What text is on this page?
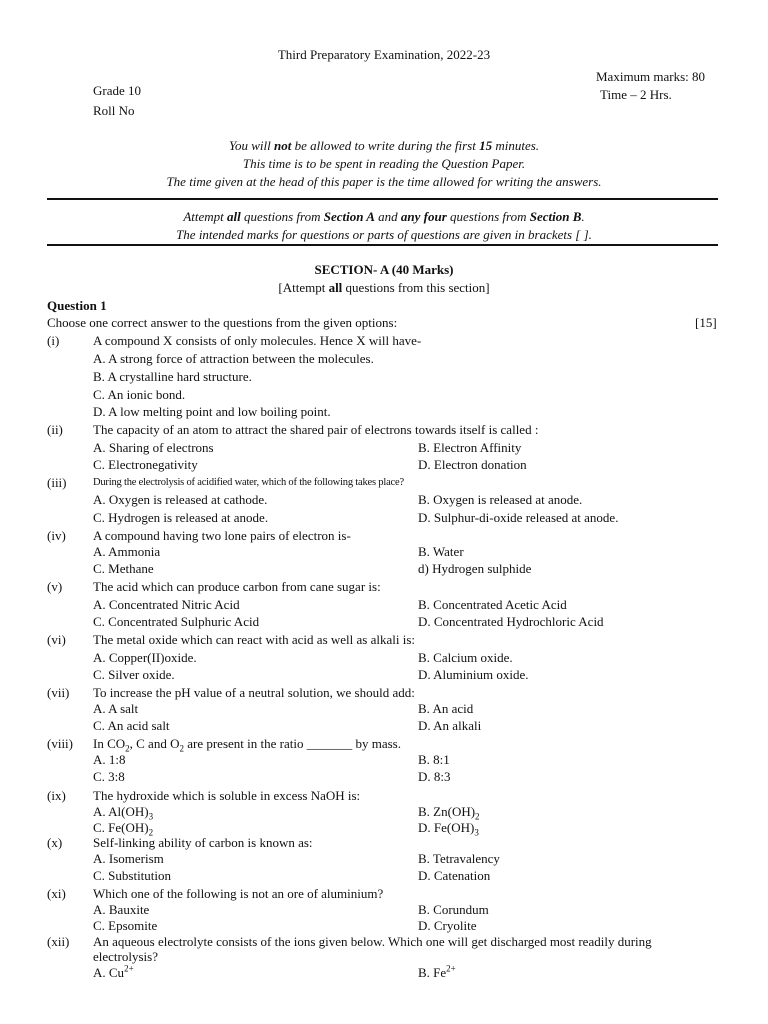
Third Preparatory Examination, 2022-23
Maximum marks: 80
Grade 10	Time – 2 Hrs.
Roll No
You will not be allowed to write during the first 15 minutes.
This time is to be spent in reading the Question Paper.
The time given at the head of this paper is the time allowed for writing the answers.
Attempt all questions from Section A and any four questions from Section B.
The intended marks for questions or parts of questions are given in brackets [ ].
SECTION- A (40 Marks)
[Attempt all questions from this section]
Question 1
Choose one correct answer to the questions from the given options:	[15]
(i)	A compound X consists of only molecules. Hence X will have-
A. A strong force of attraction between the molecules.
B. A crystalline hard structure.
C. An ionic bond.
D. A low melting point and low boiling point.
(ii) The capacity of an atom to attract the shared pair of electrons towards itself is called :
A. Sharing of electrons	B. Electron Affinity
C. Electronegativity	D. Electron donation
(iii)	During the electrolysis of acidified water, which of the following takes place?
A. Oxygen is released at cathode.	B. Oxygen is released at anode.
C. Hydrogen is released at anode.	D. Sulphur-di-oxide released at anode.
(iv) A compound having two lone pairs of electron is-
A. Ammonia	B. Water
C. Methane	d) Hydrogen sulphide
(v) The acid which can produce carbon from cane sugar is:
A. Concentrated Nitric Acid	B. Concentrated Acetic Acid
C. Concentrated Sulphuric Acid	D. Concentrated Hydrochloric Acid
(vi) The metal oxide which can react with acid as well as alkali is:
A. Copper(II)oxide.	B. Calcium oxide.
C. Silver oxide.	D. Aluminium oxide.
(vii) To increase the pH value of a neutral solution, we should add:
A. A salt	B. An acid
C. An acid salt	D. An alkali
(viii) In $CO_2$, C and $O_2$ are present in the ratio _______ by mass.
A. 1:8	B. 8:1
C. 3:8	D. 8:3
(ix) The hydroxide which is soluble in excess NaOH is:
A. $Al(OH)_3$	B. $Zn(OH)_2$
C. $Fe(OH)_2$	D. $Fe(OH)_3$
(x) Self-linking ability of carbon is known as:
A. Isomerism	B. Tetravalency
C. Substitution	D. Catenation
(xi) Which one of the following is not an ore of aluminium?
A. Bauxite	B. Corundum
C. Epsomite	D. Cryolite
(xii) An aqueous electrolyte consists of the ions given below. Which one will get discharged most readily during
electrolysis?
A. $Cu^{2+}$	B. $Fe^{2+}$
